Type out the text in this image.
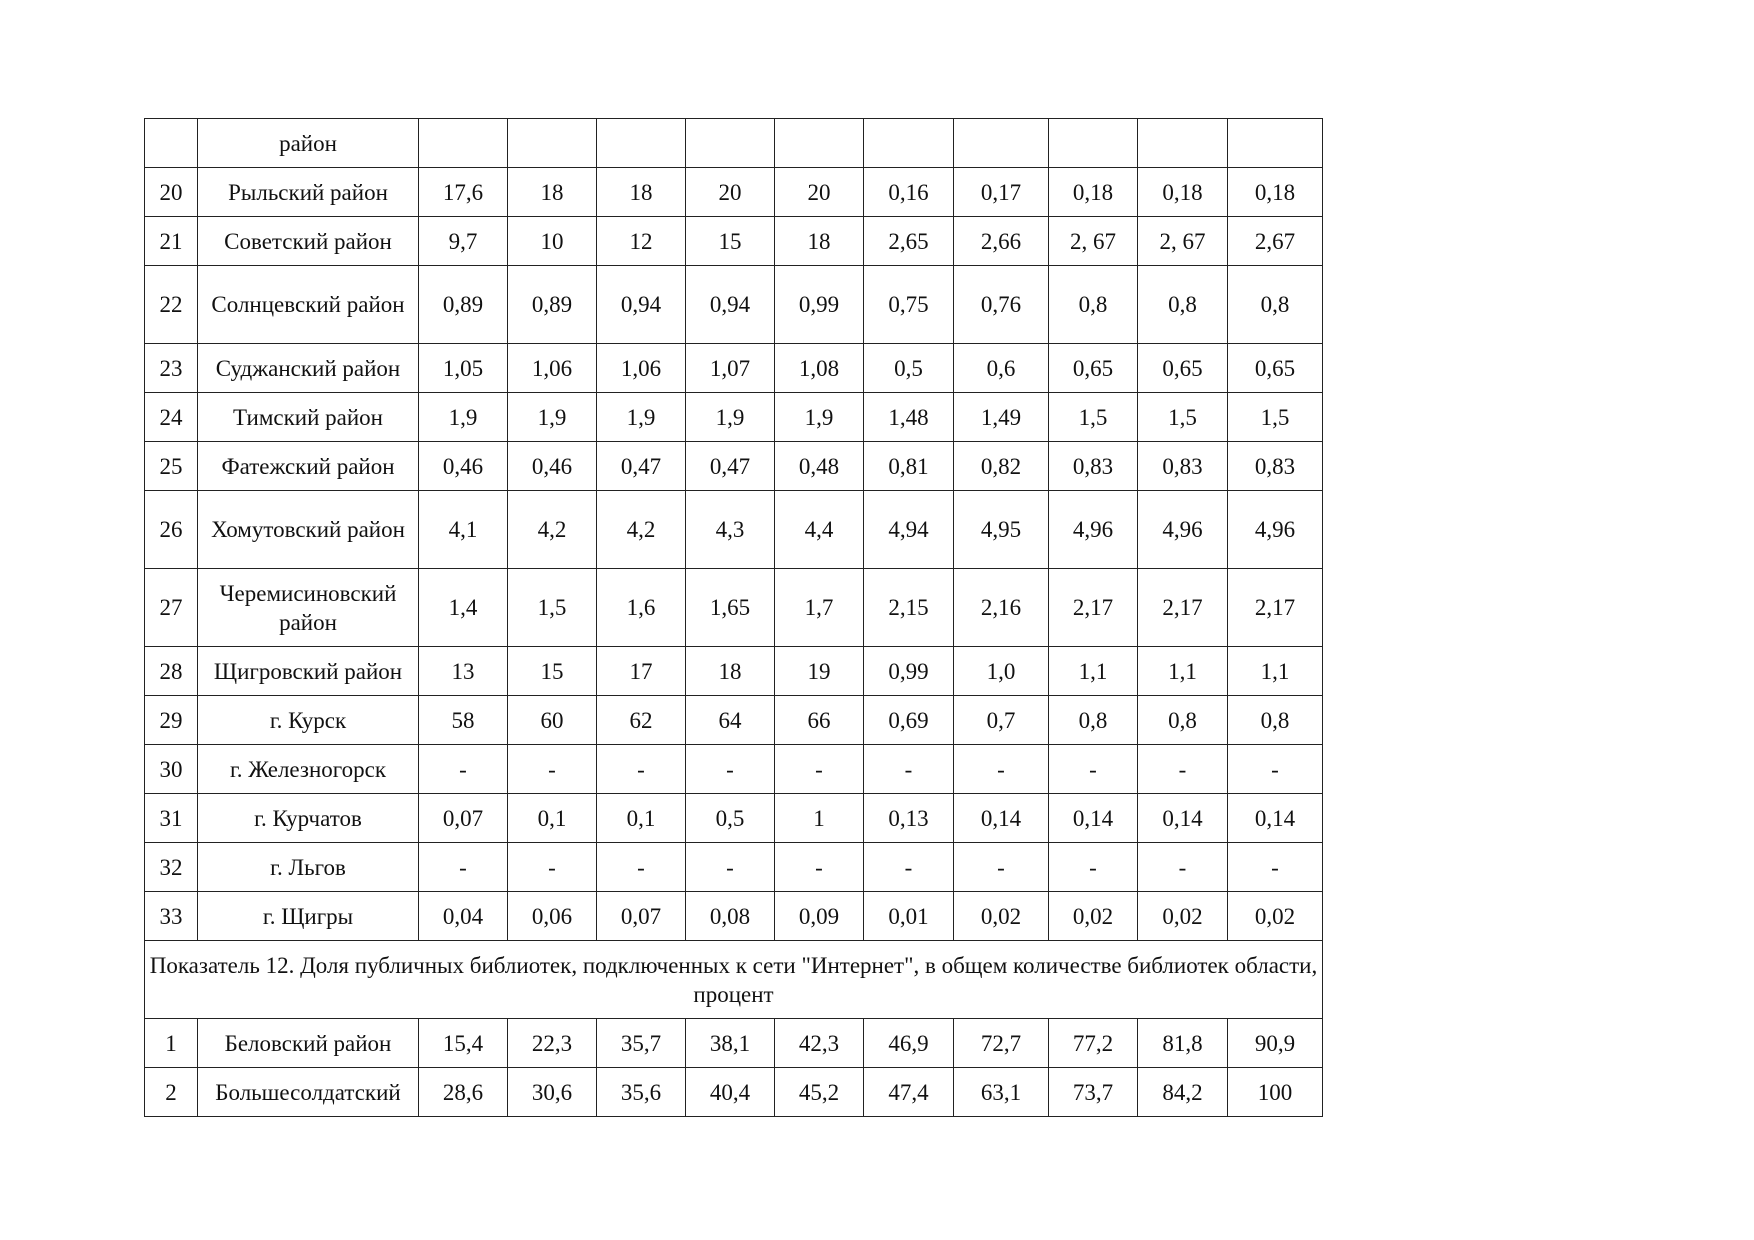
	район										
20	Рыльский район	17,6	18	18	20	20	0,16	0,17	0,18	0,18	0,18
21	Советский район	9,7	10	12	15	18	2,65	2,66	2, 67	2, 67	2,67
22	Солнцевский район	0,89	0,89	0,94	0,94	0,99	0,75	0,76	0,8	0,8	0,8
23	Суджанский район	1,05	1,06	1,06	1,07	1,08	0,5	0,6	0,65	0,65	0,65
24	Тимский район	1,9	1,9	1,9	1,9	1,9	1,48	1,49	1,5	1,5	1,5
25	Фатежский район	0,46	0,46	0,47	0,47	0,48	0,81	0,82	0,83	0,83	0,83
26	Хомутовский район	4,1	4,2	4,2	4,3	4,4	4,94	4,95	4,96	4,96	4,96
27	Черемисиновский район	1,4	1,5	1,6	1,65	1,7	2,15	2,16	2,17	2,17	2,17
28	Щигровский район	13	15	17	18	19	0,99	1,0	1,1	1,1	1,1
29	г. Курск	58	60	62	64	66	0,69	0,7	0,8	0,8	0,8
30	г. Железногорск	-	-	-	-	-	-	-	-	-	-
31	г. Курчатов	0,07	0,1	0,1	0,5	1	0,13	0,14	0,14	0,14	0,14
32	г. Льгов	-	-	-	-	-	-	-	-	-	-
33	г. Щигры	0,04	0,06	0,07	0,08	0,09	0,01	0,02	0,02	0,02	0,02
Показатель 12. Доля публичных библиотек, подключенных к сети "Интернет", в общем количестве библиотек области, процент											
1	Беловский район	15,4	22,3	35,7	38,1	42,3	46,9	72,7	77,2	81,8	90,9
2	Большесолдатский	28,6	30,6	35,6	40,4	45,2	47,4	63,1	73,7	84,2	100
